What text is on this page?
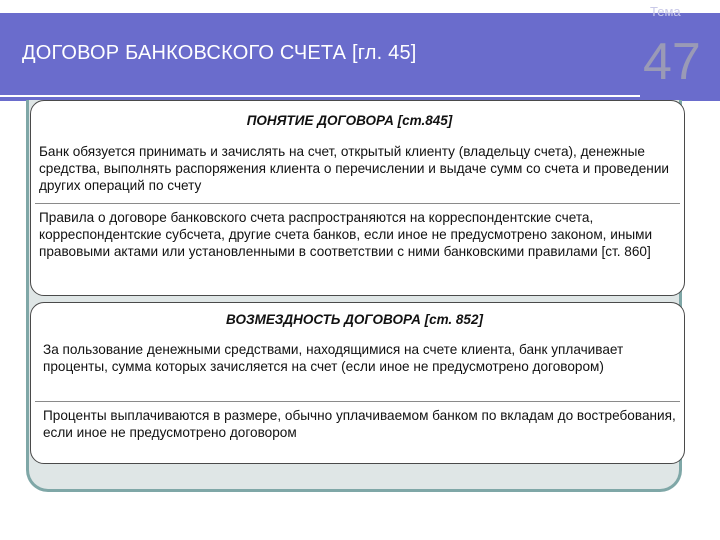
ДОГОВОР БАНКОВСКОГО СЧЕТА [гл. 45]
Тема
47
ПОНЯТИЕ ДОГОВОРА [ст.845]
Банк обязуется принимать и зачислять на счет, открытый клиенту (владельцу счета), денежные средства, выполнять распоряжения клиента о перечислении и выдаче сумм со счета и проведении других операций по счету
Правила о договоре банковского счета распространяются на корреспондентские счета, корреспондентские субсчета, другие счета банков, если иное не предусмотрено законом, иными правовыми актами или установленными в соответствии с ними банковскими правилами [ст. 860]
ВОЗМЕЗДНОСТЬ ДОГОВОРА [ст. 852]
За пользование денежными средствами, находящимися на счете клиента, банк уплачивает проценты, сумма которых зачисляется на счет (если иное не предусмотрено договором)
Проценты выплачиваются в размере, обычно уплачиваемом банком по вкладам до востребования, если иное не предусмотрено договором
